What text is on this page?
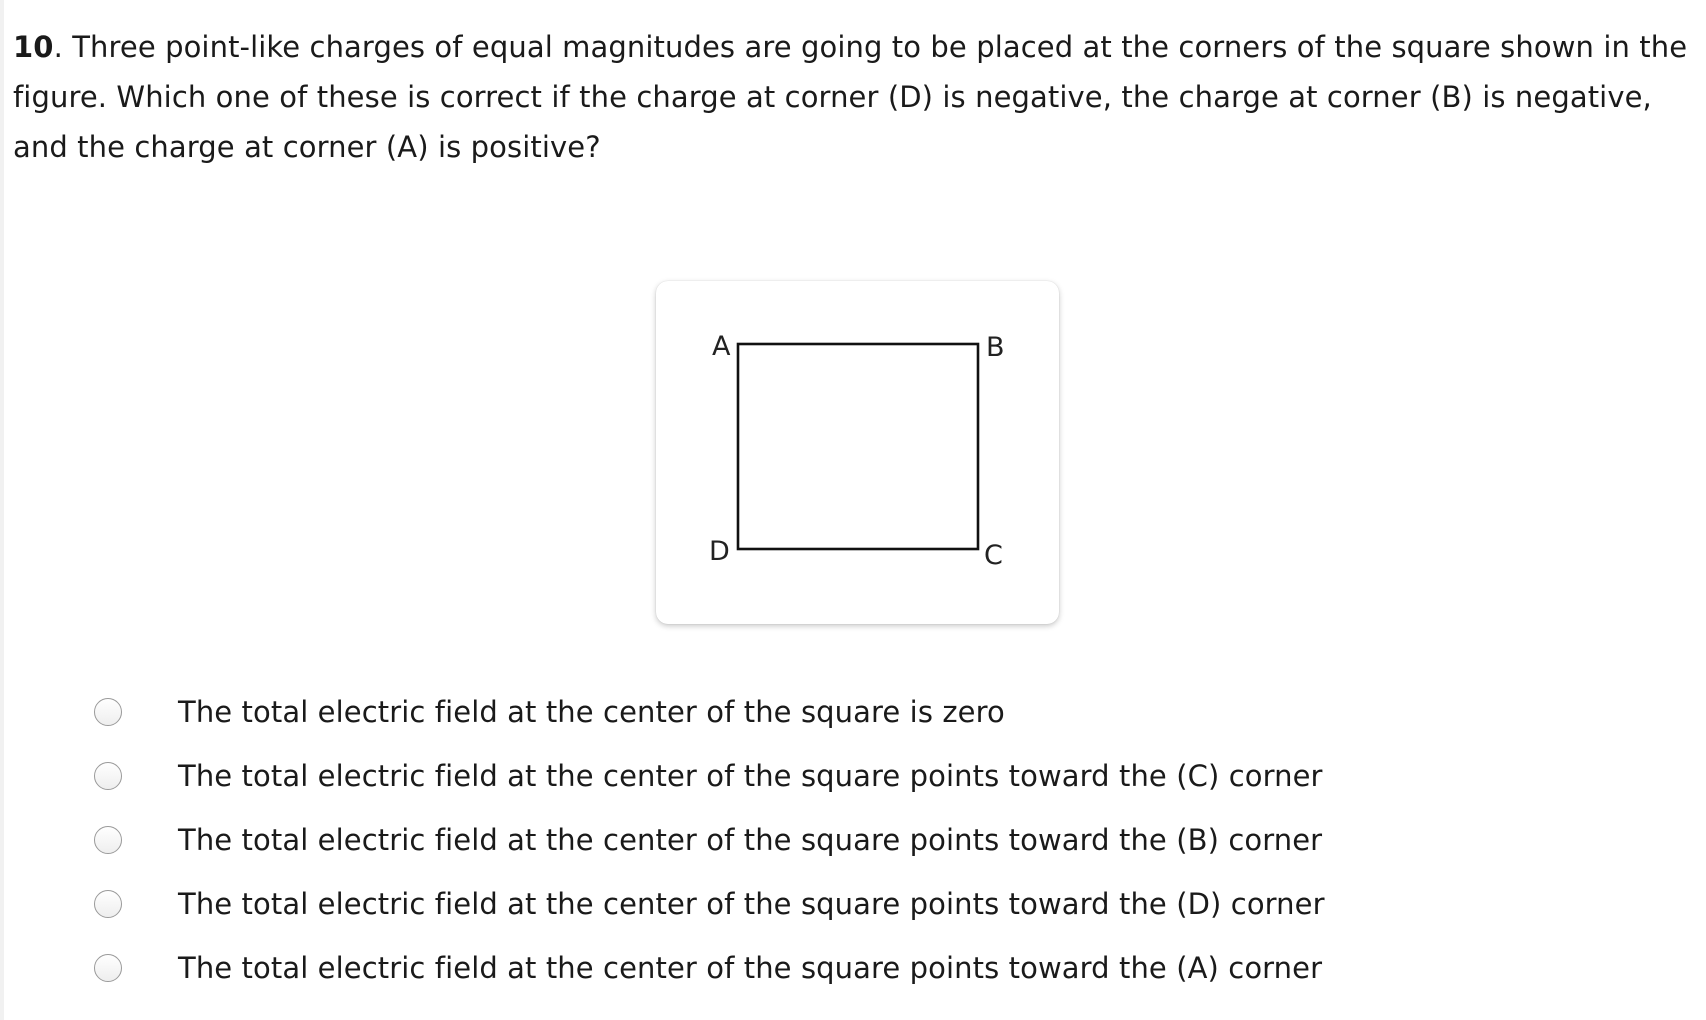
10. Three point-like charges of equal magnitudes are going to be placed at the corners of the square shown in the figure. Which one of these is correct if the charge at corner (D) is negative, the charge at corner (B) is negative, and the charge at corner (A) is positive?
A	B
C
D
The total electric field at the center of the square is zero
The total electric field at the center of the square points toward the (C) corner
The total electric field at the center of the square points toward the (B) corner
The total electric field at the center of the square points toward the (D) corner
The total electric field at the center of the square points toward the (A) corner
